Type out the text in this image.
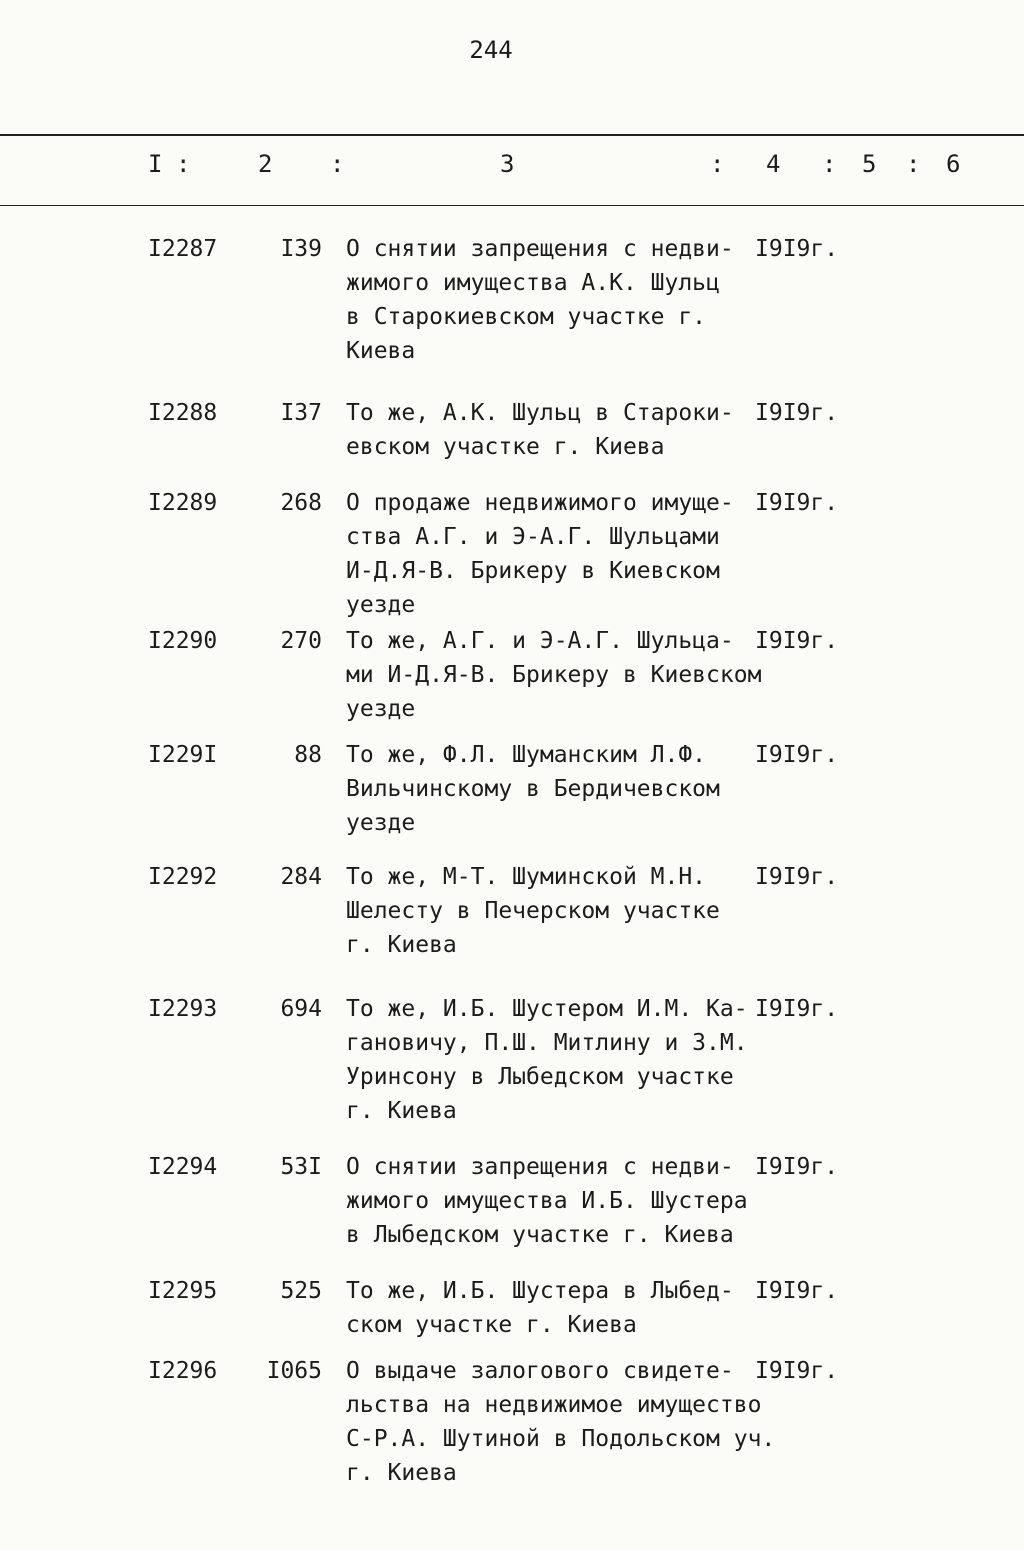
244
I :	2 :	3	: 4 : 5 : 6
I2287	I39 О снятии запрещения с недви-
жимого имущества А.К. Шульц
в Старокиевском участке г.
Киева
I9I9г.
I2288	I37 То же, А.К. Шульц в Староки-
евском участке г. Киева
I9I9г.
I2289	268 О продаже недвижимого имуще-
ства А.Г. и Э-А.Г. Шульцами
И-Д.Я-В. Брикеру в Киевском
уезде
I9I9г.
I2290	270 То же, А.Г. и Э-А.Г. Шульца-
ми И-Д.Я-В. Брикеру в Киевском
уезде
I9I9г.
I229I	88 То же, Ф.Л. Шуманским Л.Ф.
Вильчинскому в Бердичевском
уезде
I9I9г.
I2292	284 То же, М-Т. Шуминской М.Н.
Шелесту в Печерском участке
г. Киева
I9I9г.
I2293	694 То же, И.Б. Шустером И.М. Ка-
гановичу, П.Ш. Митлину и З.М.
Уринсону в Лыбедском участке
г. Киева
I9I9г.
I2294	53I О снятии запрещения с недви-
жимого имущества И.Б. Шустера
в Лыбедском участке г. Киева
I9I9г.
I2295	525 То же, И.Б. Шустера в Лыбед-
ском участке г. Киева
I9I9г.
I2296	I065 О выдаче залогового свидете-
льства на недвижимое имущество
С-Р.А. Шутиной в Подольском уч.
г. Киева
I9I9г.
